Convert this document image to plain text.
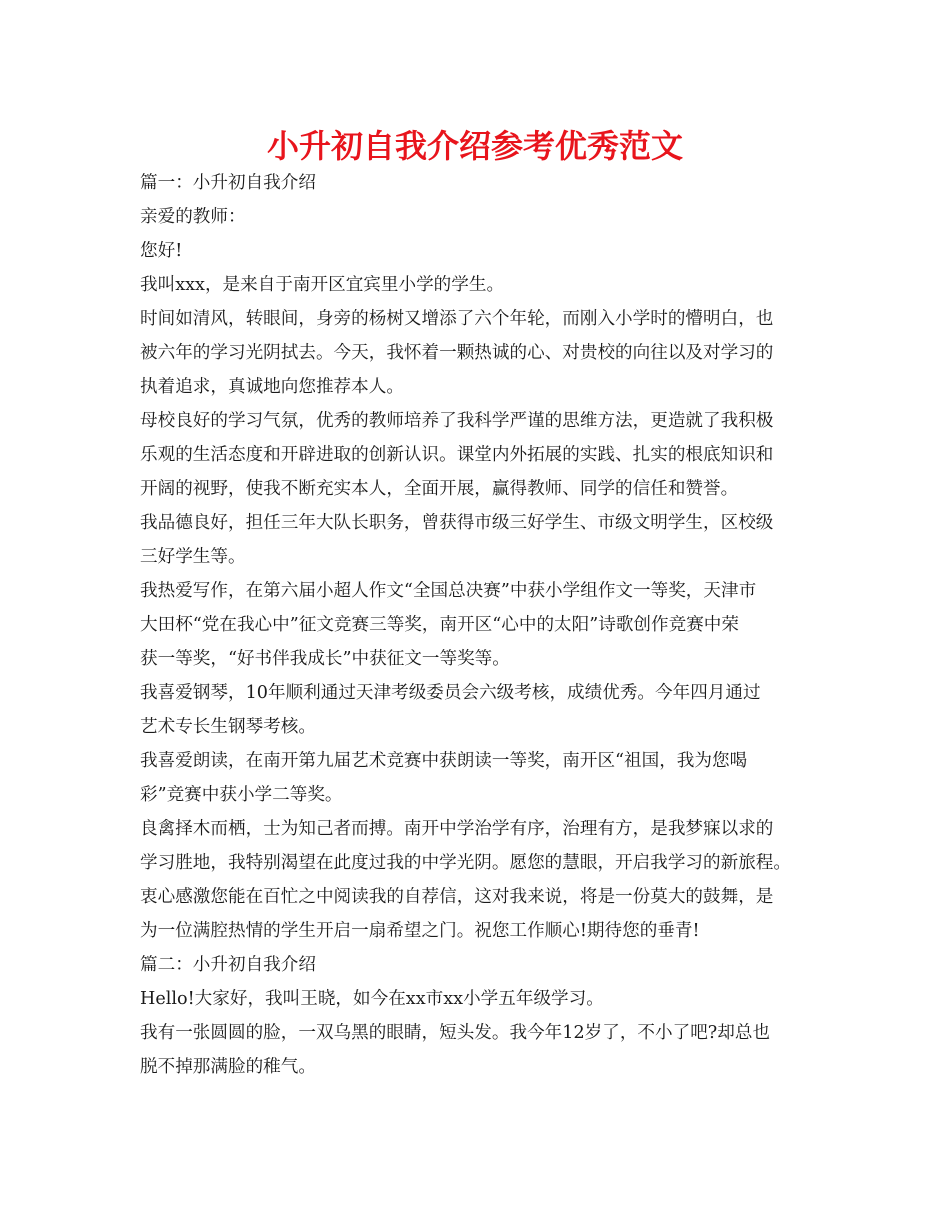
小升初自我介绍参考优秀范文
篇一：小升初自我介绍
亲爱的教师：
您好!
我叫xxx，是来自于南开区宜宾里小学的学生。
时间如清风，转眼间，身旁的杨树又增添了六个年轮，而刚入小学时的懵明白，也
被六年的学习光阴拭去。今天，我怀着一颗热诚的心、对贵校的向往以及对学习的
执着追求，真诚地向您推荐本人。
母校良好的学习气氛，优秀的教师培养了我科学严谨的思维方法，更造就了我积极
乐观的生活态度和开辟进取的创新认识。课堂内外拓展的实践、扎实的根底知识和
开阔的视野，使我不断充实本人，全面开展，赢得教师、同学的信任和赞誉。
我品德良好，担任三年大队长职务，曾获得市级三好学生、市级文明学生，区校级
三好学生等。
我热爱写作，在第六届小超人作文“全国总决赛”中获小学组作文一等奖，天津市
大田杯“党在我心中”征文竞赛三等奖，南开区“心中的太阳”诗歌创作竞赛中荣
获一等奖，“好书伴我成长”中获征文一等奖等。
我喜爱钢琴，10年顺利通过天津考级委员会六级考核，成绩优秀。今年四月通过
艺术专长生钢琴考核。
我喜爱朗读，在南开第九届艺术竞赛中获朗读一等奖，南开区“祖国，我为您喝
彩”竞赛中获小学二等奖。
良禽择木而栖，士为知己者而搏。南开中学治学有序，治理有方，是我梦寐以求的
学习胜地，我特别渴望在此度过我的中学光阴。愿您的慧眼，开启我学习的新旅程。
衷心感激您能在百忙之中阅读我的自荐信，这对我来说，将是一份莫大的鼓舞，是
为一位满腔热情的学生开启一扇希望之门。祝您工作顺心!期待您的垂青!
篇二：小升初自我介绍
Hello!大家好，我叫王晓，如今在xx市xx小学五年级学习。
我有一张圆圆的脸，一双乌黑的眼睛，短头发。我今年12岁了，不小了吧?却总也
脱不掉那满脸的稚气。
